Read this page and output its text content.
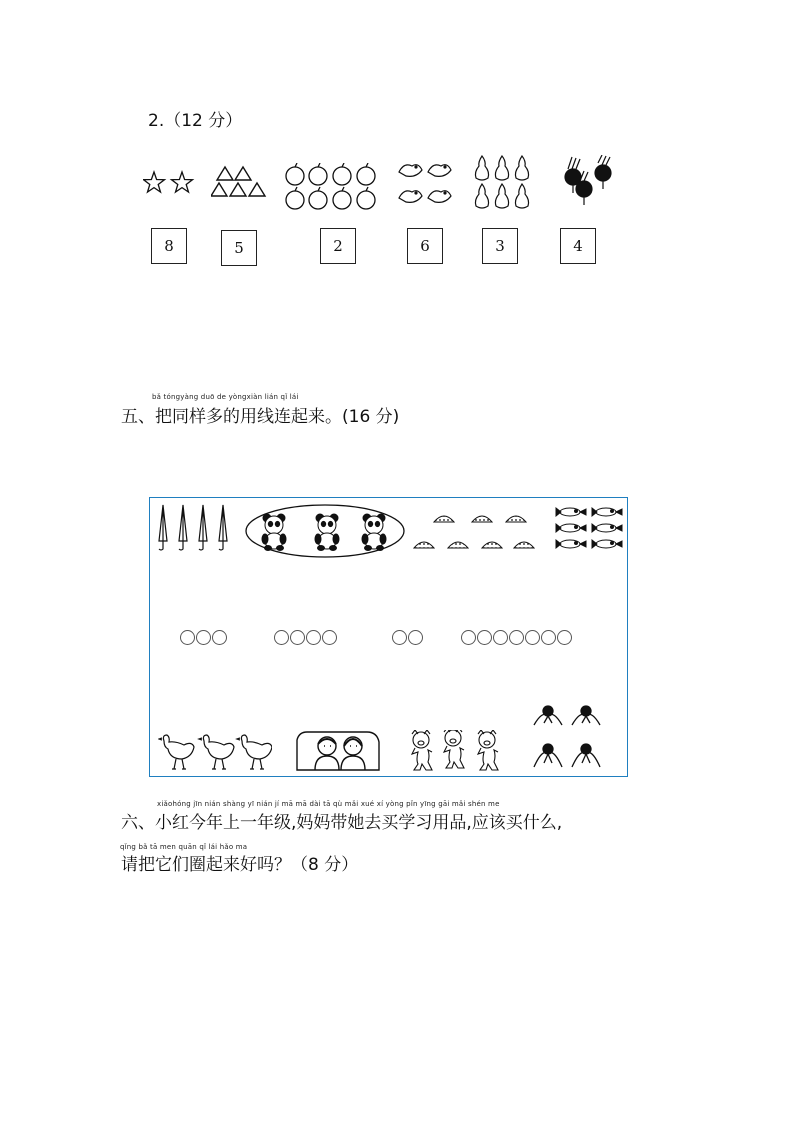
2.（12 分）
8	5	2	6	3	4
bǎ tóngyàng duō de yòngxiàn lián qǐ lái
五、把同样多的用线连起来。(16 分)
xiǎohóng jīn nián shàng yī nián jí mā mā dài tā qù mǎi xué xí yòng pǐn yīng gāi mǎi shén me
六、小红今年上一年级,妈妈带她去买学习用品,应该买什么,
qǐng bǎ tā men quān qǐ lái hǎo ma
请把它们圈起来好吗？（8 分）
